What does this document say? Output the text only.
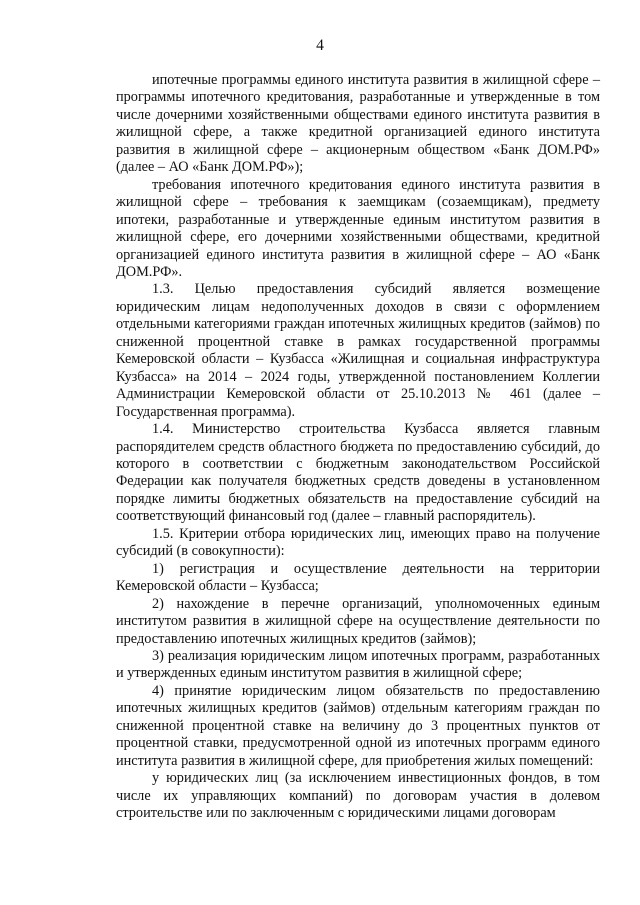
4

ипотечные программы единого института развития в жилищной сфере – программы ипотечного кредитования, разработанные и утвержденные в том числе дочерними хозяйственными обществами единого института развития в жилищной сфере, а также кредитной организацией единого института развития в жилищной сфере – акционерным обществом «Банк ДОМ.РФ» (далее – АО «Банк ДОМ.РФ»);

требования ипотечного кредитования единого института развития в жилищной сфере – требования к заемщикам (созаемщикам), предмету ипотеки, разработанные и утвержденные единым институтом развития в жилищной сфере, его дочерними хозяйственными обществами, кредитной организацией единого института развития в жилищной сфере – АО «Банк ДОМ.РФ».

1.3. Целью предоставления субсидий является возмещение юридическим лицам недополученных доходов в связи с оформлением отдельными категориями граждан ипотечных жилищных кредитов (займов) по сниженной процентной ставке в рамках государственной программы Кемеровской области – Кузбасса «Жилищная и социальная инфраструктура Кузбасса» на 2014 – 2024 годы, утвержденной постановлением Коллегии Администрации Кемеровской области от 25.10.2013 № 461 (далее – Государственная программа).

1.4. Министерство строительства Кузбасса является главным распорядителем средств областного бюджета по предоставлению субсидий, до которого в соответствии с бюджетным законодательством Российской Федерации как получателя бюджетных средств доведены в установленном порядке лимиты бюджетных обязательств на предоставление субсидий на соответствующий финансовый год (далее – главный распорядитель).

1.5. Критерии отбора юридических лиц, имеющих право на получение субсидий (в совокупности):

1) регистрация и осуществление деятельности на территории Кемеровской области – Кузбасса;

2) нахождение в перечне организаций, уполномоченных единым институтом развития в жилищной сфере на осуществление деятельности по предоставлению ипотечных жилищных кредитов (займов);

3) реализация юридическим лицом ипотечных программ, разработанных и утвержденных единым институтом развития в жилищной сфере;

4) принятие юридическим лицом обязательств по предоставлению ипотечных жилищных кредитов (займов) отдельным категориям граждан по сниженной процентной ставке на величину до 3 процентных пунктов от процентной ставки, предусмотренной одной из ипотечных программ единого института развития в жилищной сфере, для приобретения жилых помещений:

у юридических лиц (за исключением инвестиционных фондов, в том числе их управляющих компаний) по договорам участия в долевом строительстве или по заключенным с юридическими лицами договорам
